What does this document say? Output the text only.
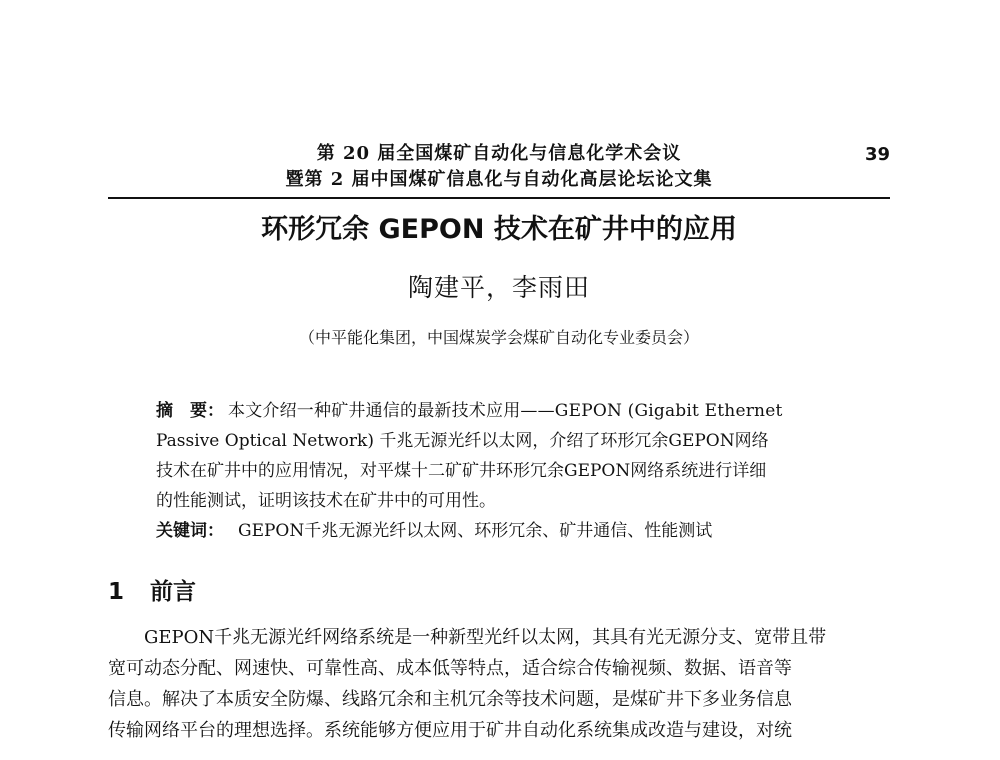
第 20 届全国煤矿自动化与信息化学术会议
暨第 2 届中国煤矿信息化与自动化高层论坛论文集
39
环形冗余 GEPON 技术在矿井中的应用
陶建平，李雨田
（中平能化集团，中国煤炭学会煤矿自动化专业委员会）
摘　要： 本文介绍一种矿井通信的最新技术应用——GEPON (Gigabit Ethernet
Passive Optical Network) 千兆无源光纤以太网，介绍了环形冗余GEPON网络
技术在矿井中的应用情况，对平煤十二矿矿井环形冗余GEPON网络系统进行详细
的性能测试，证明该技术在矿井中的可用性。
关键词： GEPON千兆无源光纤以太网、环形冗余、矿井通信、性能测试
1 前言
GEPON千兆无源光纤网络系统是一种新型光纤以太网，其具有光无源分支、宽带且带
宽可动态分配、网速快、可靠性高、成本低等特点，适合综合传输视频、数据、语音等
信息。解决了本质安全防爆、线路冗余和主机冗余等技术问题，是煤矿井下多业务信息
传输网络平台的理想选择。系统能够方便应用于矿井自动化系统集成改造与建设，对统
